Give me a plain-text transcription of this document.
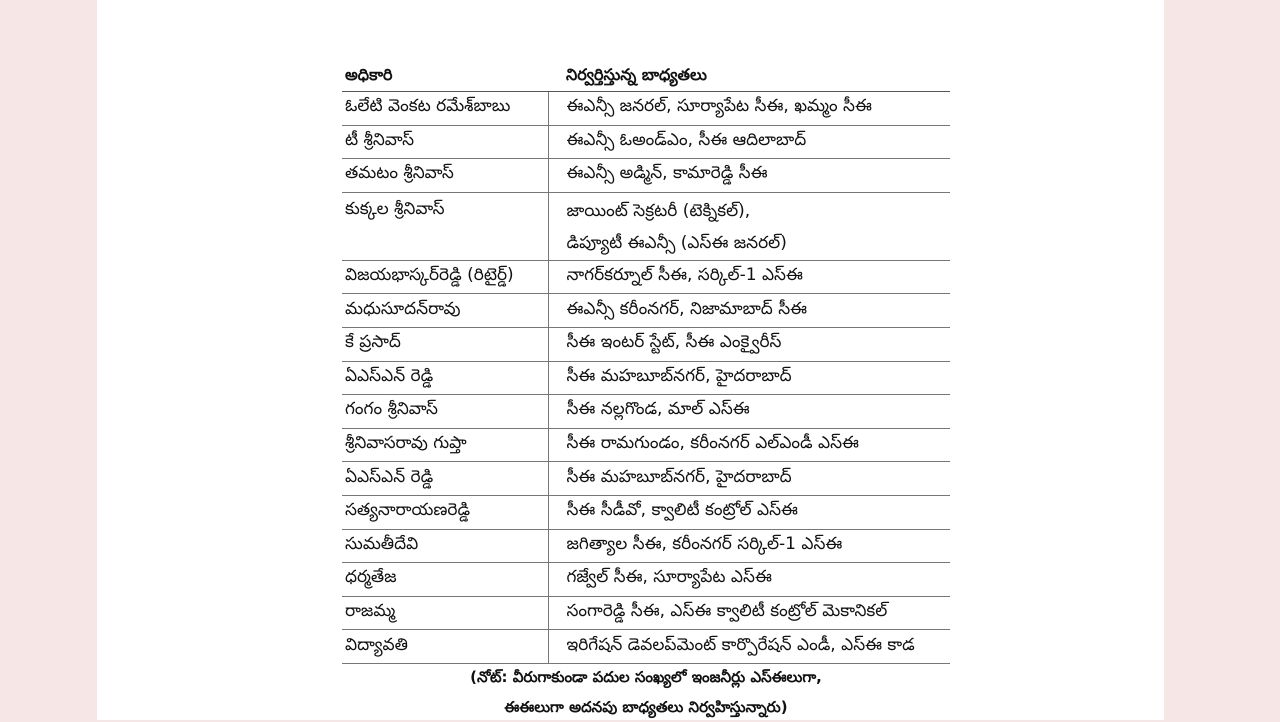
అధికారి	నిర్వర్తిస్తున్న బాధ్యతలు
ఓలేటి వెంకట రమేశ్‌బాబు	ఈఎన్సీ జనరల్‌, సూర్యాపేట సీఈ, ఖమ్మం సీఈ
టీ శ్రీనివాస్‌	ఈఎన్సీ ఓఅండ్‌ఎం, సీఈ ఆదిలాబాద్‌
తమటం శ్రీనివాస్‌	ఈఎన్సీ అడ్మిన్‌, కామారెడ్డి సీఈ
కుక్కల శ్రీనివాస్‌	జాయింట్‌ సెక్రటరీ (టెక్నికల్‌),
డిప్యూటీ ఈఎన్సీ (ఎస్‌ఈ జనరల్‌)
విజయభాస్కర్‌రెడ్డి (రిటైర్డ్‌)	నాగర్‌కర్నూల్‌ సీఈ, సర్కిల్‌-1 ఎస్‌ఈ
మధుసూదన్‌రావు	ఈఎన్సీ కరీంనగర్‌, నిజామాబాద్‌ సీఈ
కే ప్రసాద్‌	సీఈ ఇంటర్‌ స్టేట్‌, సీఈ ఎంక్వైరీస్‌
ఏఎస్‌ఎన్‌ రెడ్డి	సీఈ మహబూబ్‌నగర్‌, హైదరాబాద్‌
గంగం శ్రీనివాస్‌	సీఈ నల్లగొండ, మాల్‌ ఎస్‌ఈ
శ్రీనివాసరావు గుప్తా	సీఈ రామగుండం, కరీంనగర్‌ ఎల్‌ఎండీ ఎస్‌ఈ
ఏఎస్‌ఎన్‌ రెడ్డి	సీఈ మహబూబ్‌నగర్‌, హైదరాబాద్‌
సత్యనారాయణరెడ్డి	సీఈ సీడీవో, క్వాలిటీ కంట్రోల్‌ ఎస్‌ఈ
సుమతీదేవి	జగిత్యాల సీఈ, కరీంనగర్‌ సర్కిల్‌-1 ఎస్‌ఈ
ధర్మతేజ	గజ్వేల్‌ సీఈ, సూర్యాపేట ఎస్‌ఈ
రాజమ్మ	సంగారెడ్డి సీఈ, ఎస్‌ఈ క్వాలిటీ కంట్రోల్‌ మెకానికల్‌
విద్యావతి	ఇరిగేషన్‌ డెవలప్‌మెంట్‌ కార్పొరేషన్‌ ఎండీ, ఎస్‌ఈ కాడ
(నోట్‌: వీరుగాకుండా పదుల సంఖ్యలో ఇంజనీర్లు ఎస్‌ఈలుగా,
ఈఈలుగా అదనపు బాధ్యతలు నిర్వహిస్తున్నారు)
